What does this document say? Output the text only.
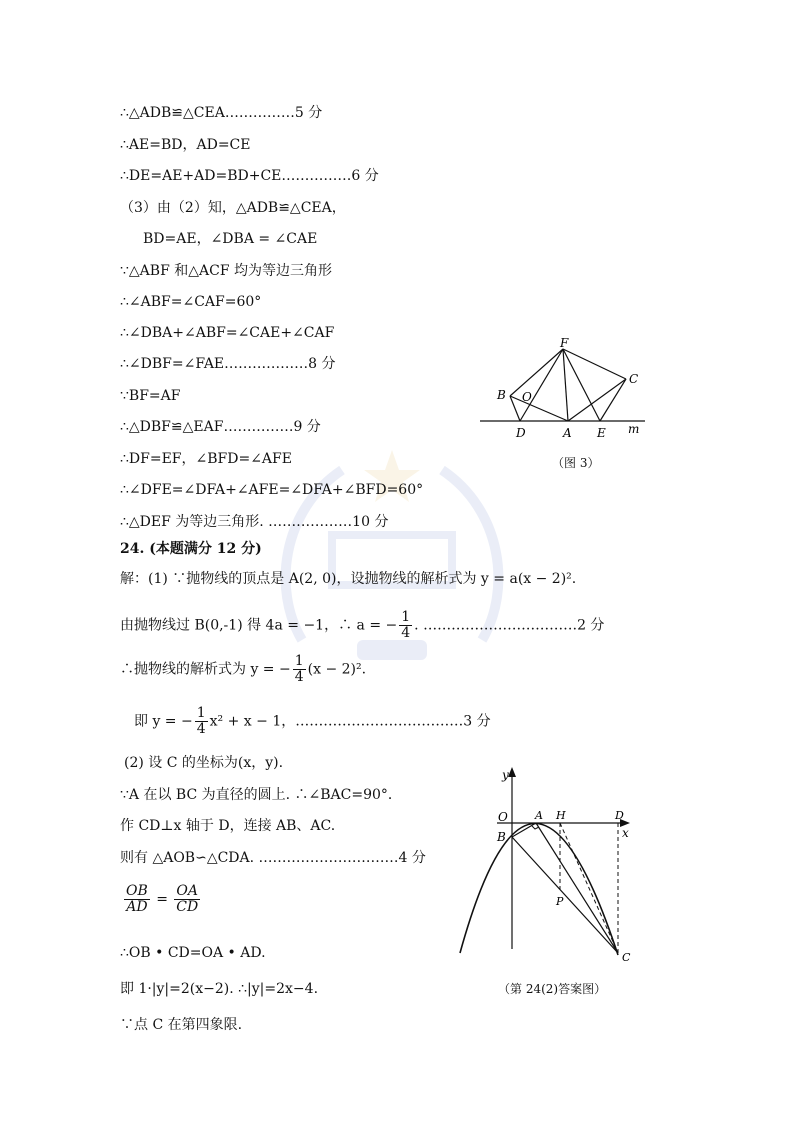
∴△ADB≌△CEA……………5 分
∴AE=BD，AD=CE
∴DE=AE+AD=BD+CE……………6 分
（3）由（2）知，△ADB≌△CEA，
BD=AE，∠DBA = ∠CAE
∵△ABF 和△ACF 均为等边三角形
∴∠ABF=∠CAF=60°
∴∠DBA+∠ABF=∠CAE+∠CAF
∴∠DBF=∠FAE………………8 分
∵BF=AF
∴△DBF≌△EAF……………9 分
∴DF=EF，∠BFD=∠AFE
∴∠DFE=∠DFA+∠AFE=∠DFA+∠BFD=60°
∴△DEF 为等边三角形. ………………10 分
24. (本题满分 12 分)
解：(1) ∵抛物线的顶点是 A(2, 0)，设抛物线的解析式为 y = a(x − 2)².
由抛物线过 B(0,-1) 得 4a = −1，∴ a = − $\frac{1}{4}$ . ……………………………2 分
∴抛物线的解析式为 y = − $\frac{1}{4} (x - 2)^2$.
即 y = − $\frac{1}{4} x^2 + x - 1$，………………………………3 分
(2) 设 C 的坐标为(x，y).
∵A 在以 BC 为直径的圆上. ∴∠BAC=90°．
作 CD⊥x 轴于 D，连接 AB、AC.
则有 △AOB∽△CDA. …………………………4 分
$\frac{OB}{AD} = \frac{OA}{CD}$
∴OB • CD=OA • AD.
即 1·|y|=2(x−2). ∴|y|=2x−4.
∵点 C 在第四象限.
F
C
B O
D	A E m
（图 3）
y
x
O A H	D
B
P
C
（第 24(2)答案图）
